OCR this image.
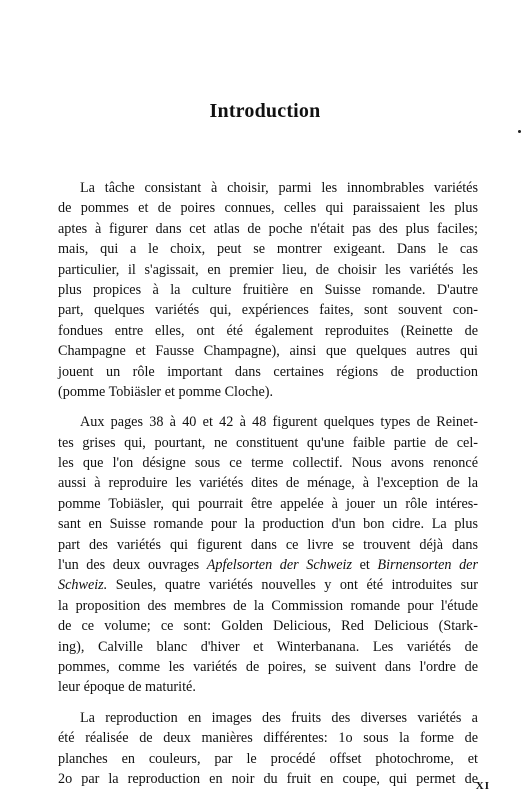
Introduction
La tâche consistant à choisir, parmi les innombrables variétés
de pommes et de poires connues, celles qui paraissaient les plus
aptes à figurer dans cet atlas de poche n'était pas des plus faciles;
mais, qui a le choix, peut se montrer exigeant. Dans le cas
particulier, il s'agissait, en premier lieu, de choisir les variétés les
plus propices à la culture fruitière en Suisse romande. D'autre
part, quelques variétés qui, expériences faites, sont souvent con-
fondues entre elles, ont été également reproduites (Reinette de
Champagne et Fausse Champagne), ainsi que quelques autres qui
jouent un rôle important dans certaines régions de production
(pomme Tobiäsler et pomme Cloche).
Aux pages 38 à 40 et 42 à 48 figurent quelques types de Reinet-
tes grises qui, pourtant, ne constituent qu'une faible partie de cel-
les que l'on désigne sous ce terme collectif. Nous avons renoncé
aussi à reproduire les variétés dites de ménage, à l'exception de la
pomme Tobiäsler, qui pourrait être appelée à jouer un rôle intéres-
sant en Suisse romande pour la production d'un bon cidre. La plus
part des variétés qui figurent dans ce livre se trouvent déjà dans
l'un des deux ouvrages Apfelsorten der Schweiz et Birnensorten der
Schweiz. Seules, quatre variétés nouvelles y ont été introduites sur
la proposition des membres de la Commission romande pour l'étude
de ce volume; ce sont: Golden Delicious, Red Delicious (Stark-
ing), Calville blanc d'hiver et Winterbanana. Les variétés de
pommes, comme les variétés de poires, se suivent dans l'ordre de
leur époque de maturité.
La reproduction en images des fruits des diverses variétés a
été réalisée de deux manières différentes: 1o sous la forme de
planches en couleurs, par le procédé offset photochrome, et
2o par la reproduction en noir du fruit en coupe, qui permet de
XI
